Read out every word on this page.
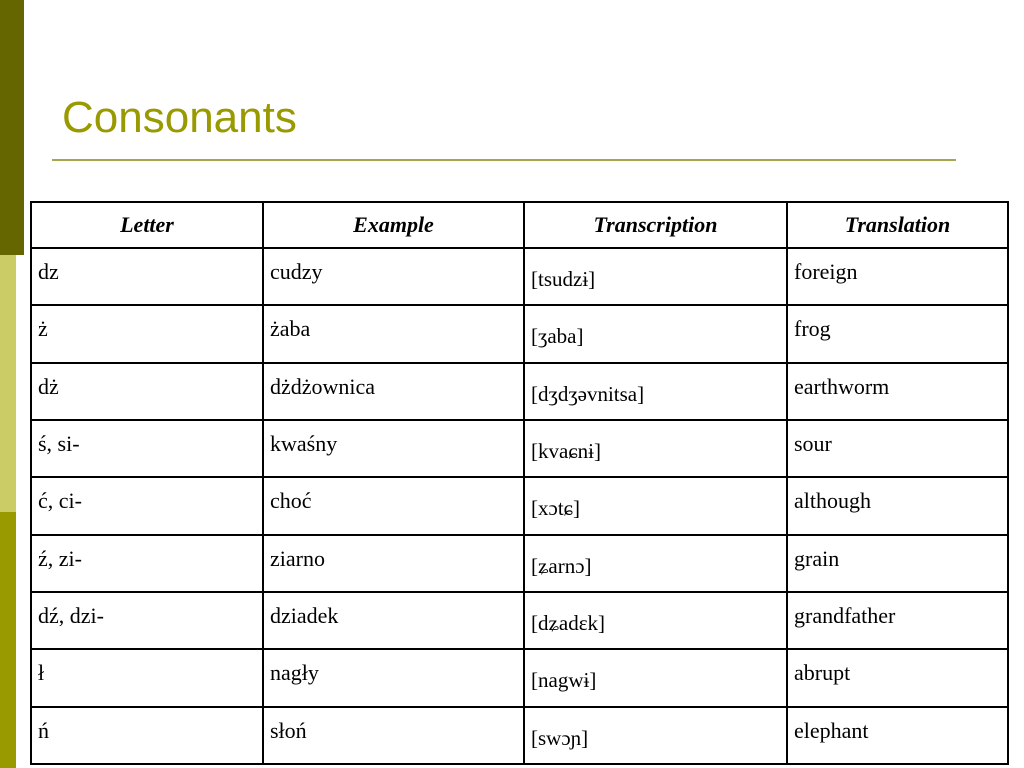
Consonants
Letter	Example	Transcription	Translation
dz	cudzy	[tsudzɨ]	foreign
ż	żaba	[ʒaba]	frog
dż	dżdżownica	[dʒdʒəvnitsa]	earthworm
ś, si-	kwaśny	[kvaɕnɨ]	sour
ć, ci-	choć	[xɔtɕ]	although
ź, zi-	ziarno	[ʑarnɔ]	grain
dź, dzi-	dziadek	[dʑadɛk]	grandfather
ł	nagły	[nagwɨ]	abrupt
ń	słoń	[swɔɲ]	elephant
